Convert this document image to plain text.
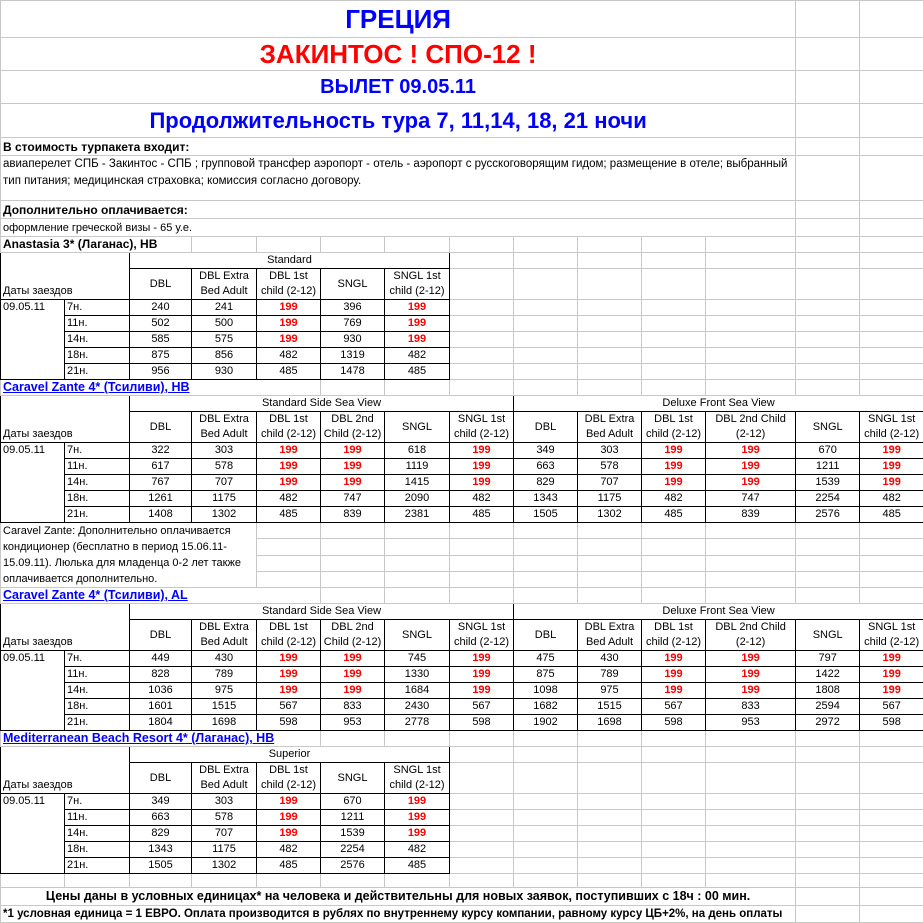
ГРЕЦИЯ													
ЗАКИНТОС ! СПО-12 !													
ВЫЛЕТ 09.05.11													
Продолжительность тура 7, 11,14, 18, 21 ночи													
В стоимость турпакета входит:													
авиаперелет СПБ - Закинтос - СПБ ; групповой трансфер аэропорт - отель - аэропорт с русскоговорящим гидом; размещение в отеле; выбранный тип питания; медицинская страховка; комиссия согласно договору.													
Дополнительно оплачивается:													
оформление греческой визы - 65 у.е.													
Anastasia 3* (Лаганас), HB													
Даты заездов		Standard											
		DBL	DBL Extra Bed Adult	DBL 1st child (2-12)	SNGL	SNGL 1st child (2-12)							
09.05.11	7н.	240	241	199	396	199							
	11н.	502	500	199	769	199							
	14н.	585	575	199	930	199							
	18н.	875	856	482	1319	482							
	21н.	956	930	485	1478	485							
Caravel Zante 4* (Тсиливи), HB													
Даты заездов		Standard Side Sea View						Deluxe Front Sea View					
		DBL	DBL Extra Bed Adult	DBL 1st child (2-12)	DBL 2nd Child (2-12)	SNGL	SNGL 1st child (2-12)	DBL	DBL Extra Bed Adult	DBL 1st child (2-12)	DBL 2nd Child (2-12)	SNGL	SNGL 1st child (2-12)
09.05.11	7н.	322	303	199	199	618	199	349	303	199	199	670	199
	11н.	617	578	199	199	1119	199	663	578	199	199	1211	199
	14н.	767	707	199	199	1415	199	829	707	199	199	1539	199
	18н.	1261	1175	482	747	2090	482	1343	1175	482	747	2254	482
	21н.	1408	1302	485	839	2381	485	1505	1302	485	839	2576	485
Caravel Zante: Дополнительно оплачивается кондиционер (бесплатно в период 15.06.11-15.09.11). Люлька для младенца 0-2 лет также оплачивается дополнительно.													

Caravel Zante 4* (Тсиливи), AL													
Даты заездов		Standard Side Sea View						Deluxe Front Sea View					
		DBL	DBL Extra Bed Adult	DBL 1st child (2-12)	DBL 2nd Child (2-12)	SNGL	SNGL 1st child (2-12)	DBL	DBL Extra Bed Adult	DBL 1st child (2-12)	DBL 2nd Child (2-12)	SNGL	SNGL 1st child (2-12)
09.05.11	7н.	449	430	199	199	745	199	475	430	199	199	797	199
	11н.	828	789	199	199	1330	199	875	789	199	199	1422	199
	14н.	1036	975	199	199	1684	199	1098	975	199	199	1808	199
	18н.	1601	1515	567	833	2430	567	1682	1515	567	833	2594	567
	21н.	1804	1698	598	953	2778	598	1902	1698	598	953	2972	598
Mediterranean Beach Resort 4* (Лаганас), HB													
Даты заездов		Superior											
		DBL	DBL Extra Bed Adult	DBL 1st child (2-12)	SNGL	SNGL 1st child (2-12)							
09.05.11	7н.	349	303	199	670	199							
	11н.	663	578	199	1211	199							
	14н.	829	707	199	1539	199							
	18н.	1343	1175	482	2254	482							
	21н.	1505	1302	485	2576	485							

Цены даны в условных единицах* на человека и действительны для новых заявок, поступивших с 18ч : 00 мин.													
*1 условная единица = 1 ЕВРО. Оплата производится в рублях по внутреннему курсу компании, равному курсу ЦБ+2%, на день оплаты													
